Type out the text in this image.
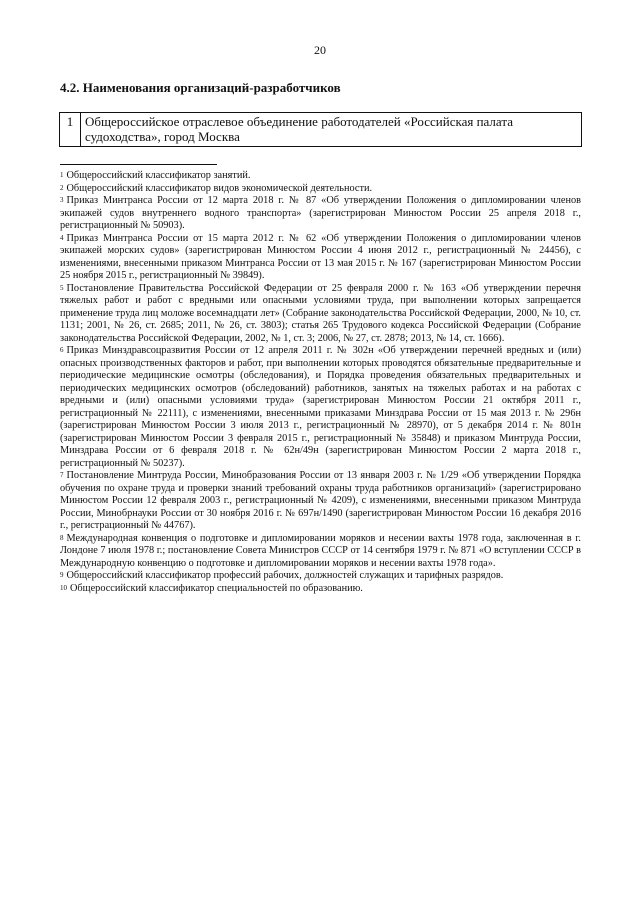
20
4.2. Наименования организаций-разработчиков
1 Общероссийское отраслевое объединение работодателей «Российская палата судоходства», город Москва

$^1$ Общероссийский классификатор занятий.

$^2$ Общероссийский классификатор видов экономической деятельности.

$^3$ Приказ Минтранса России от 12 марта 2018 г. № 87 «Об утверждении Положения о дипломировании членов экипажей судов внутреннего водного транспорта» (зарегистрирован Минюстом России 25 апреля 2018 г., регистрационный № 50903).

$^4$ Приказ Минтранса России от 15 марта 2012 г. № 62 «Об утверждении Положения о дипломировании членов экипажей морских судов» (зарегистрирован Минюстом России 4 июня 2012 г., регистрационный № 24456), с изменениями, внесенными приказом Минтранса России от 13 мая 2015 г. № 167 (зарегистрирован Минюстом России 25 ноября 2015 г., регистрационный № 39849).

$^5$ Постановление Правительства Российской Федерации от 25 февраля 2000 г. № 163 «Об утверждении перечня тяжелых работ и работ с вредными или опасными условиями труда, при выполнении которых запрещается применение труда лиц моложе восемнадцати лет» (Собрание законодательства Российской Федерации, 2000, № 10, ст. 1131; 2001, № 26, ст. 2685; 2011, № 26, ст. 3803); статья 265 Трудового кодекса Российской Федерации (Собрание законодательства Российской Федерации, 2002, № 1, ст. 3; 2006, № 27, ст. 2878; 2013, № 14, ст. 1666).

$^6$ Приказ Минздравсоцразвития России от 12 апреля 2011 г. № 302н «Об утверждении перечней вредных и (или) опасных производственных факторов и работ, при выполнении которых проводятся обязательные предварительные и периодические медицинские осмотры (обследования), и Порядка проведения обязательных предварительных и периодических медицинских осмотров (обследований) работников, занятых на тяжелых работах и на работах с вредными и (или) опасными условиями труда» (зарегистрирован Минюстом России 21 октября 2011 г., регистрационный № 22111), с изменениями, внесенными приказами Минздрава России от 15 мая 2013 г. № 296н (зарегистрирован Минюстом России 3 июля 2013 г., регистрационный № 28970), от 5 декабря 2014 г. № 801н (зарегистрирован Минюстом России 3 февраля 2015 г., регистрационный № 35848) и приказом Минтруда России, Минздрава России от 6 февраля 2018 г. № 62н/49н (зарегистрирован Минюстом России 2 марта 2018 г., регистрационный № 50237).

$^7$ Постановление Минтруда России, Минобразования России от 13 января 2003 г. № 1/29 «Об утверждении Порядка обучения по охране труда и проверки знаний требований охраны труда работников организаций» (зарегистрировано Минюстом России 12 февраля 2003 г., регистрационный № 4209), с изменениями, внесенными приказом Минтруда России, Минобрнауки России от 30 ноября 2016 г. № 697н/1490 (зарегистрирован Минюстом России 16 декабря 2016 г., регистрационный № 44767).

$^8$ Международная конвенция о подготовке и дипломировании моряков и несении вахты 1978 года, заключенная в г. Лондоне 7 июля 1978 г.; постановление Совета Министров СССР от 14 сентября 1979 г. № 871 «О вступлении СССР в Международную конвенцию о подготовке и дипломировании моряков и несении вахты 1978 года».

$^9$ Общероссийский классификатор профессий рабочих, должностей служащих и тарифных разрядов.

$^{10}$ Общероссийский классификатор специальностей по образованию.
